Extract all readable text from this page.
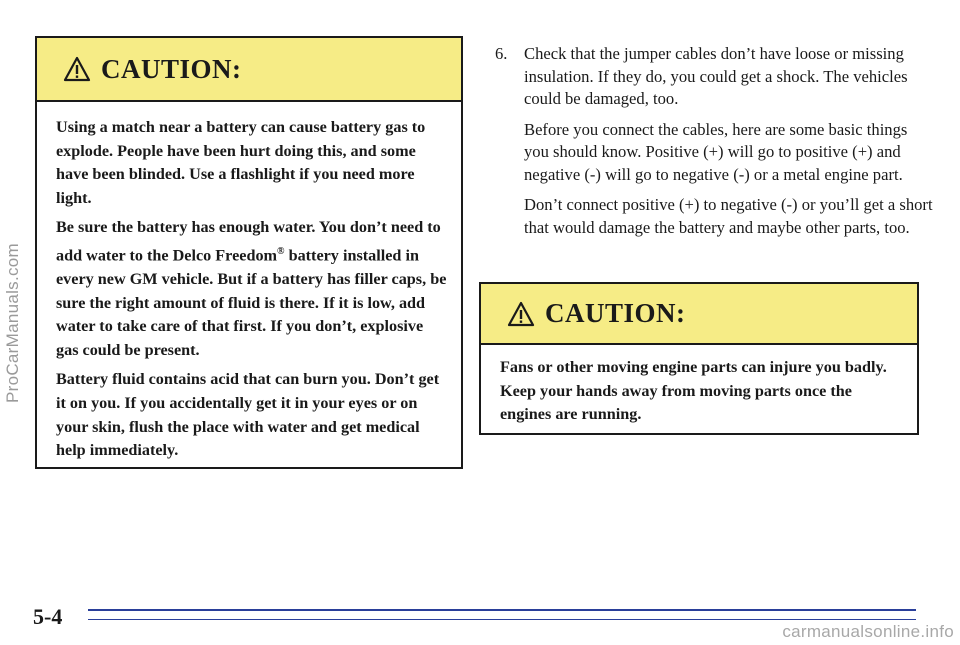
ProCarManuals.com
CAUTION:

Using a match near a battery can cause battery gas to explode. People have been hurt doing this, and some have been blinded. Use a flashlight if you need more light.

Be sure the battery has enough water. You don’t need to add water to the Delco Freedom® battery installed in every new GM vehicle. But if a battery has filler caps, be sure the right amount of fluid is there. If it is low, add water to take care of that first. If you don’t, explosive gas could be present.

Battery fluid contains acid that can burn you. Don’t get it on you. If you accidentally get it in your eyes or on your skin, flush the place with water and get medical help immediately.

6. Check that the jumper cables don’t have loose or missing insulation. If they do, you could get a shock. The vehicles could be damaged, too.

Before you connect the cables, here are some basic things you should know. Positive (+) will go to positive (+) and negative (-) will go to negative (-) or a metal engine part.

Don’t connect positive (+) to negative (-) or you’ll get a short that would damage the battery and maybe other parts, too.

CAUTION:

Fans or other moving engine parts can injure you badly. Keep your hands away from moving parts once the engines are running.

5-4
carmanualsonline.info
